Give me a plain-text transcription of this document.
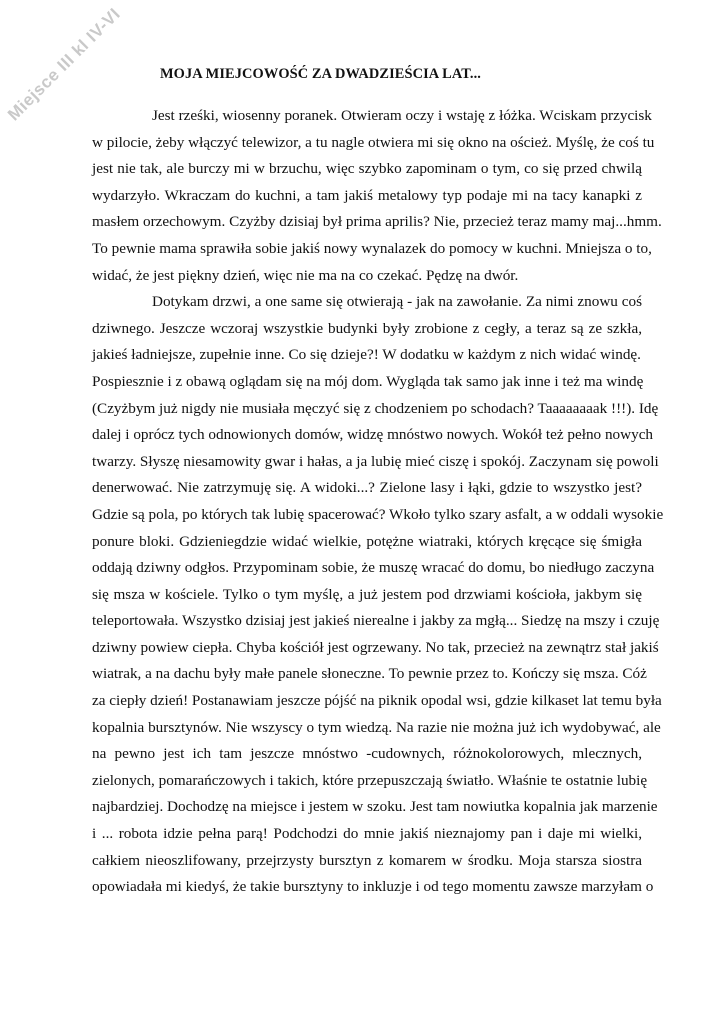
Miejsce III kl IV-VI MOJA MIEJCOWOŚĆ ZA DWADZIEŚCIA LAT...
Jest rześki, wiosenny poranek. Otwieram oczy i wstaję z łóżka. Wciskam przycisk
w pilocie, żeby włączyć telewizor, a tu nagle otwiera mi się okno na oścież. Myślę, że coś tu
jest nie tak, ale burczy mi w brzuchu, więc szybko zapominam o tym, co się przed chwilą
wydarzyło. Wkraczam do kuchni, a tam jakiś metalowy typ podaje mi na tacy kanapki z
masłem orzechowym. Czyżby dzisiaj był prima aprilis? Nie, przecież teraz mamy maj...hmm.
To pewnie mama sprawiła sobie jakiś nowy wynalazek do pomocy w kuchni. Mniejsza o to,
widać, że jest piękny dzień, więc nie ma na co czekać. Pędzę na dwór.
Dotykam drzwi, a one same się otwierają - jak na zawołanie. Za nimi znowu coś
dziwnego. Jeszcze wczoraj wszystkie budynki były zrobione z cegły, a teraz są ze szkła,
jakieś ładniejsze, zupełnie inne. Co się dzieje?! W dodatku w każdym z nich widać windę.
Pospiesznie i z obawą oglądam się na mój dom. Wygląda tak samo jak inne i też ma windę
(Czyżbym już nigdy nie musiała męczyć się z chodzeniem po schodach? Taaaaaaaak !!!). Idę
dalej i oprócz tych odnowionych domów, widzę mnóstwo nowych. Wokół też pełno nowych
twarzy. Słyszę niesamowity gwar i hałas, a ja lubię mieć ciszę i spokój. Zaczynam się powoli
denerwować. Nie zatrzymuję się. A widoki...? Zielone lasy i łąki, gdzie to wszystko jest?
Gdzie są pola, po których tak lubię spacerować? Wkoło tylko szary asfalt, a w oddali wysokie
ponure bloki. Gdzieniegdzie widać wielkie, potężne wiatraki, których kręcące się śmigła
oddają dziwny odgłos. Przypominam sobie, że muszę wracać do domu, bo niedługo zaczyna
się msza w kościele. Tylko o tym myślę, a już jestem pod drzwiami kościoła, jakbym się
teleportowała. Wszystko dzisiaj jest jakieś nierealne i jakby za mgłą... Siedzę na mszy i czuję
dziwny powiew ciepła. Chyba kościół jest ogrzewany. No tak, przecież na zewnątrz stał jakiś
wiatrak, a na dachu były małe panele słoneczne. To pewnie przez to. Kończy się msza. Cóż
za ciepły dzień! Postanawiam jeszcze pójść na piknik opodal wsi, gdzie kilkaset lat temu była
kopalnia bursztynów. Nie wszyscy o tym wiedzą. Na razie nie można już ich wydobywać, ale
na pewno jest ich tam jeszcze mnóstwo -cudownych, różnokolorowych, mlecznych,
zielonych, pomarańczowych i takich, które przepuszczają światło. Właśnie te ostatnie lubię
najbardziej. Dochodzę na miejsce i jestem w szoku. Jest tam nowiutka kopalnia jak marzenie
i ... robota idzie pełna parą! Podchodzi do mnie jakiś nieznajomy pan i daje mi wielki,
całkiem nieoszlifowany, przejrzysty bursztyn z komarem w środku. Moja starsza siostra
opowiadała mi kiedyś, że takie bursztyny to inkluzje i od tego momentu zawsze marzyłam o
